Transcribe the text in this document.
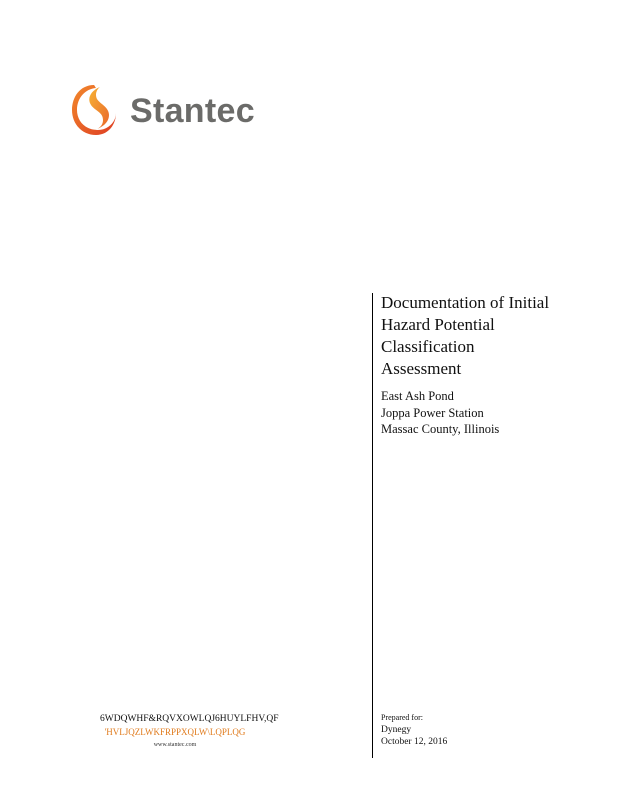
Stantec
Documentation of Initial
Hazard Potential
Classification
Assessment
East Ash Pond
Joppa Power Station
Massac County, Illinois
Prepared for:
Dynegy
October 12, 2016
6WDQWHF&RQVXOWLQJ6HUYLFHV,QF
'HVLJQZLWKFRPPXQLW\LQPLQG
www.stantec.com
